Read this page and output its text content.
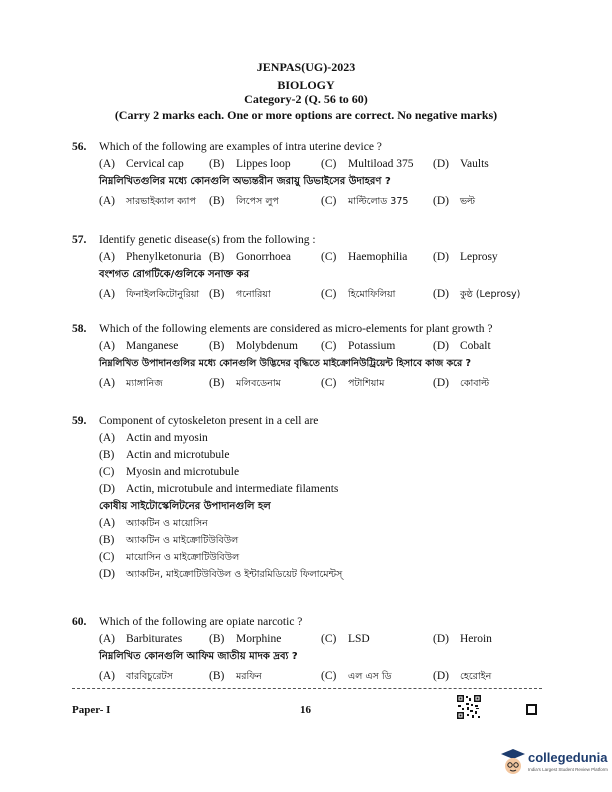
JENPAS(UG)-2023
BIOLOGY
Category-2 (Q. 56 to 60)
(Carry 2 marks each. One or more options are correct. No negative marks)
56.	Which of the following are examples of intra uterine device ?
(A) Cervical cap	(B) Lippes loop	(C) Multiload 375	(D) Vaults
নিম্নলিখিতগুলির মধ্যে কোনগুলি অভ্যন্তরীন জরায়ু ডিভাইসের উদাহরণ ?
(A) সারভাইক্যাল ক্যাপ	(B) লিপেস লুপ	(C) মাল্টিলোড 375	(D) ভল্ট
57.	Identify genetic disease(s) from the following :
(A) Phenylketonuria (B) Gonorrhoea	(C) Haemophilia	(D) Leprosy
বংশগত রোগটিকে/গুলিকে সনাক্ত কর
(A) ফিনাইলকিটোনুরিয়া (B) গনোরিয়া	(C) হিমোফিলিয়া	(D) কুষ্ঠ (Leprosy)
58.	Which of the following elements are considered as micro-elements for plant growth ?
(A) Manganese	(B) Molybdenum	(C) Potassium	(D) Cobalt
নিম্নলিখিত উপাদানগুলির মধ্যে কোনগুলি উদ্ভিদের বৃদ্ধিতে মাইক্রোনিউট্রিয়েন্ট হিসাবে কাজ করে ?
(A) ম্যাঙ্গানিজ	(B) মলিবডেনাম	(C) পটাশিয়াম	(D) কোবাল্ট
59.	Component of cytoskeleton present in a cell are
(A) Actin and myosin
(B) Actin and microtubule
(C) Myosin and microtubule
(D) Actin, microtubule and intermediate filaments
কোষীয় সাইটোস্কেলিটনের উপাদানগুলি হল
(A) অ্যাকটিন ও মায়োসিন
(B) অ্যাকটিন ও মাইক্রোটিউবিউল
(C) মায়োসিন ও মাইক্রোটিউবিউল
(D) অ্যাকটিন, মাইক্রোটিউবিউল ও ইন্টারমিডিয়েট ফিলামেন্টস্
60.	Which of the following are opiate narcotic ?
(A) Barbiturates	(B) Morphine	(C) LSD	(D) Heroin
নিম্নলিখিত কোনগুলি আফিম জাতীয় মাদক দ্রব্য ?
(A) বারবিচুরেটস	(B) মরফিন	(C) এল এস ডি	(D) হেরোইন
Paper- I	16
collegedunia
India's Largest Student Review Platform
